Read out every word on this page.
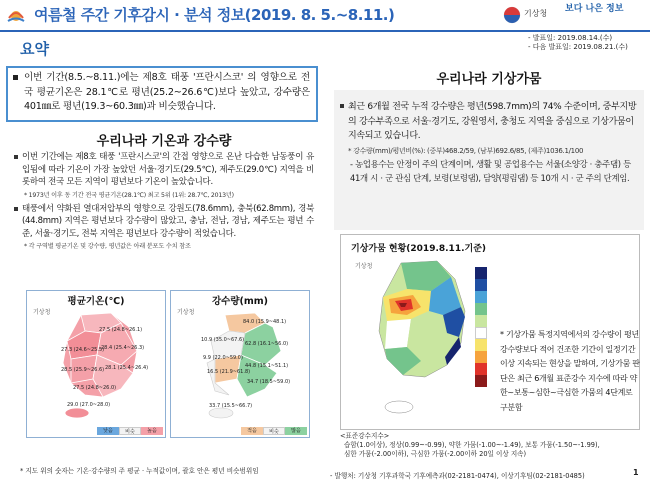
여름철 주간 기후감시 · 분석 정보(2019. 8. 5.~8.11.)	기상청 보다 나은 정보
- 발표일: 2019.08.14.(수)
- 다음 발표일: 2019.08.21.(수)
요약
이번 기간(8.5.~8.11.)에는 제8호 태풍 '프란시스코' 의 영향으로 전국 평균기온은 28.1℃로 평년(25.2~26.6℃)보다 높았고, 강수량은 401㎜로 평년(19.3~60.3㎜)과 비슷했습니다.
우리나라 기온과 강수량
이번 기간에는 제8호 태풍 '프란시스코'의 간접 영향으로 온난 다습한 남동풍이 유입됨에 따라 기온이 가장 높았던 서울·경기도(29.5℃), 제주도(29.0℃) 지역을 비롯하여 전국 모든 지역이 평년보다 기온이 높았습니다.
* 1973년 이후 동 기간 전국 평균기온(28.1℃) 최고 5위 (1위: 28.7℃, 2013년)
태풍에서 약화된 열대저압부의 영향으로 강원도(78.6mm), 충북(62.8mm), 경북(44.8mm) 지역은 평년보다 강수량이 많았고, 충남, 전남, 경남, 제주도는 평년 수준, 서울·경기도, 전북 지역은 평년보다 강수량이 적었습니다.
* 각 구역별 평균기온 및 강수량, 평년값은 아래 분포도 수치 참조
평균기온(℃)
기상청
27.5 (24.8~26.1)
27.3 (24.6~25.5)
28.4 (25.4~26.3)
28.5 (25.9~26.6) 28.1 (25.4~26.4)
27.5 (24.8~26.0)
29.0 (27.0~28.0)
낮음	비슷	높음
강수량(mm)
기상청
84.0 (15.9~48.1)
10.9 (35.0~67.6)
62.8 (16.1~56.0)
9.9 (22.0~59.0)
16.5 (21.9~61.8)
44.8 (15.1~51.1)
34.7 (18.5~59.0)
33.7 (15.5~66.7)
적음	비슷	많음
* 지도 위의 숫자는 기온·강수량의 주 평균 · 누적값이며, 괄호 안은 평년 비슷범위임
우리나라 기상가뭄
최근 6개월 전국 누적 강수량은 평년(598.7mm)의 74% 수준이며, 중부지방의 강수부족으로 서울·경기도, 강원영서, 충청도 지역을 중심으로 기상가뭄이 지속되고 있습니다.
* 강수량(mm)/평년비(%): (중부)468.2/59, (남부)692.6/85, (제주)1036.1/100
- 농업용수는 안정이 주의 단계이며, 생활 및 공업용수는 서울(소양강 · 충주댐) 등 41개 시 · 군 관심 단계, 보령(보령댐), 담양(평림댐) 등 10개 시 · 군 주의 단계임.
기상가뭄 현황(2019.8.11.기준)
기상청
* 기상가뭄 특정지역에서의 강수량이 평년 강수량보다 적어 건조한 기간이 일정기간 이상 지속되는 현상을 말하며, 기상가뭄 판단은 최근 6개월 표준강수 지수에 따라 약한~보통~심한~극심한 가뭄의 4단계로 구분함
<표준강수지수>
습함(1.0이상), 정상(0.99~-0.99), 약한 가뭄(-1.00~-1.49), 보통 가뭄(-1.50~-1.99),
심한 가뭄(-2.00이하), 극심한 가뭄(-2.00이하 20일 이상 지속)
- 발행처: 기상청 기후과학국 기후예측과(02-2181-0474), 이상기후팀(02-2181-0485)	1
